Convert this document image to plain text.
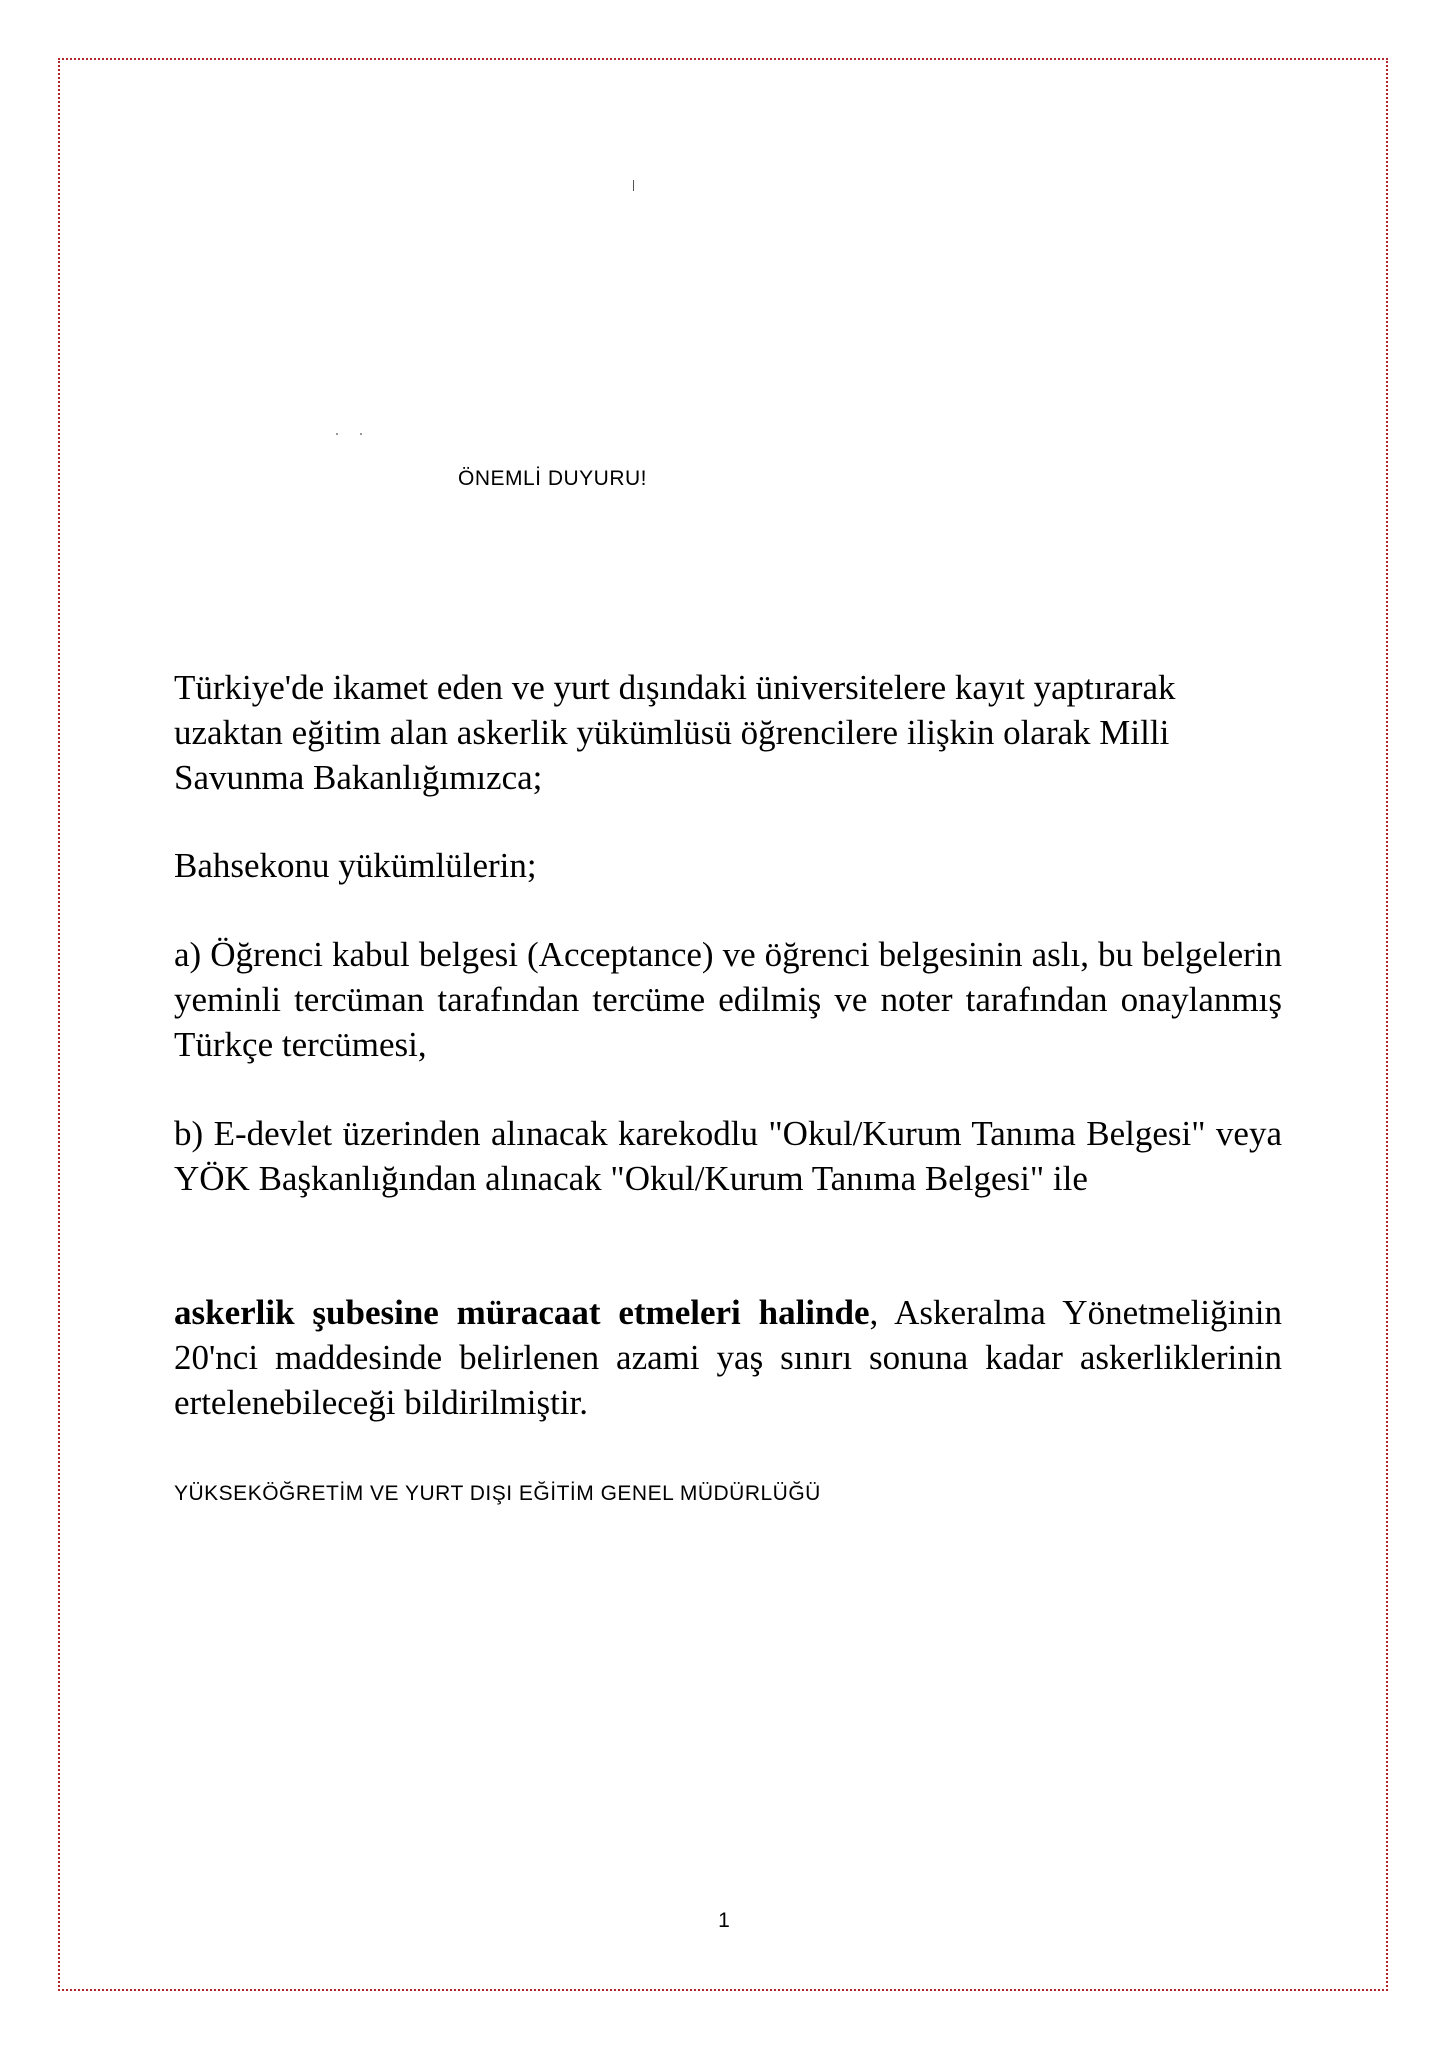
ÖNEMLİ DUYURU!

Türkiye'de ikamet eden ve yurt dışındaki üniversitelere kayıt yaptırarak uzaktan eğitim alan askerlik yükümlüsü öğrencilere ilişkin olarak Milli Savunma Bakanlığımızca;

Bahsekonu yükümlülerin;

a) Öğrenci kabul belgesi (Acceptance) ve öğrenci belgesinin aslı, bu belgelerin yeminli tercüman tarafından tercüme edilmiş ve noter tarafından onaylanmış Türkçe tercümesi,

b) E-devlet üzerinden alınacak karekodlu "Okul/Kurum Tanıma Belgesi" veya YÖK Başkanlığından alınacak "Okul/Kurum Tanıma Belgesi" ile

askerlik şubesine müracaat etmeleri halinde, Askeralma Yönetmeliğinin 20'nci maddesinde belirlenen azami yaş sınırı sonuna kadar askerliklerinin ertelenebileceği bildirilmiştir.

YÜKSEKÖĞRETİM VE YURT DIŞI EĞİTİM GENEL MÜDÜRLÜĞÜ
1
